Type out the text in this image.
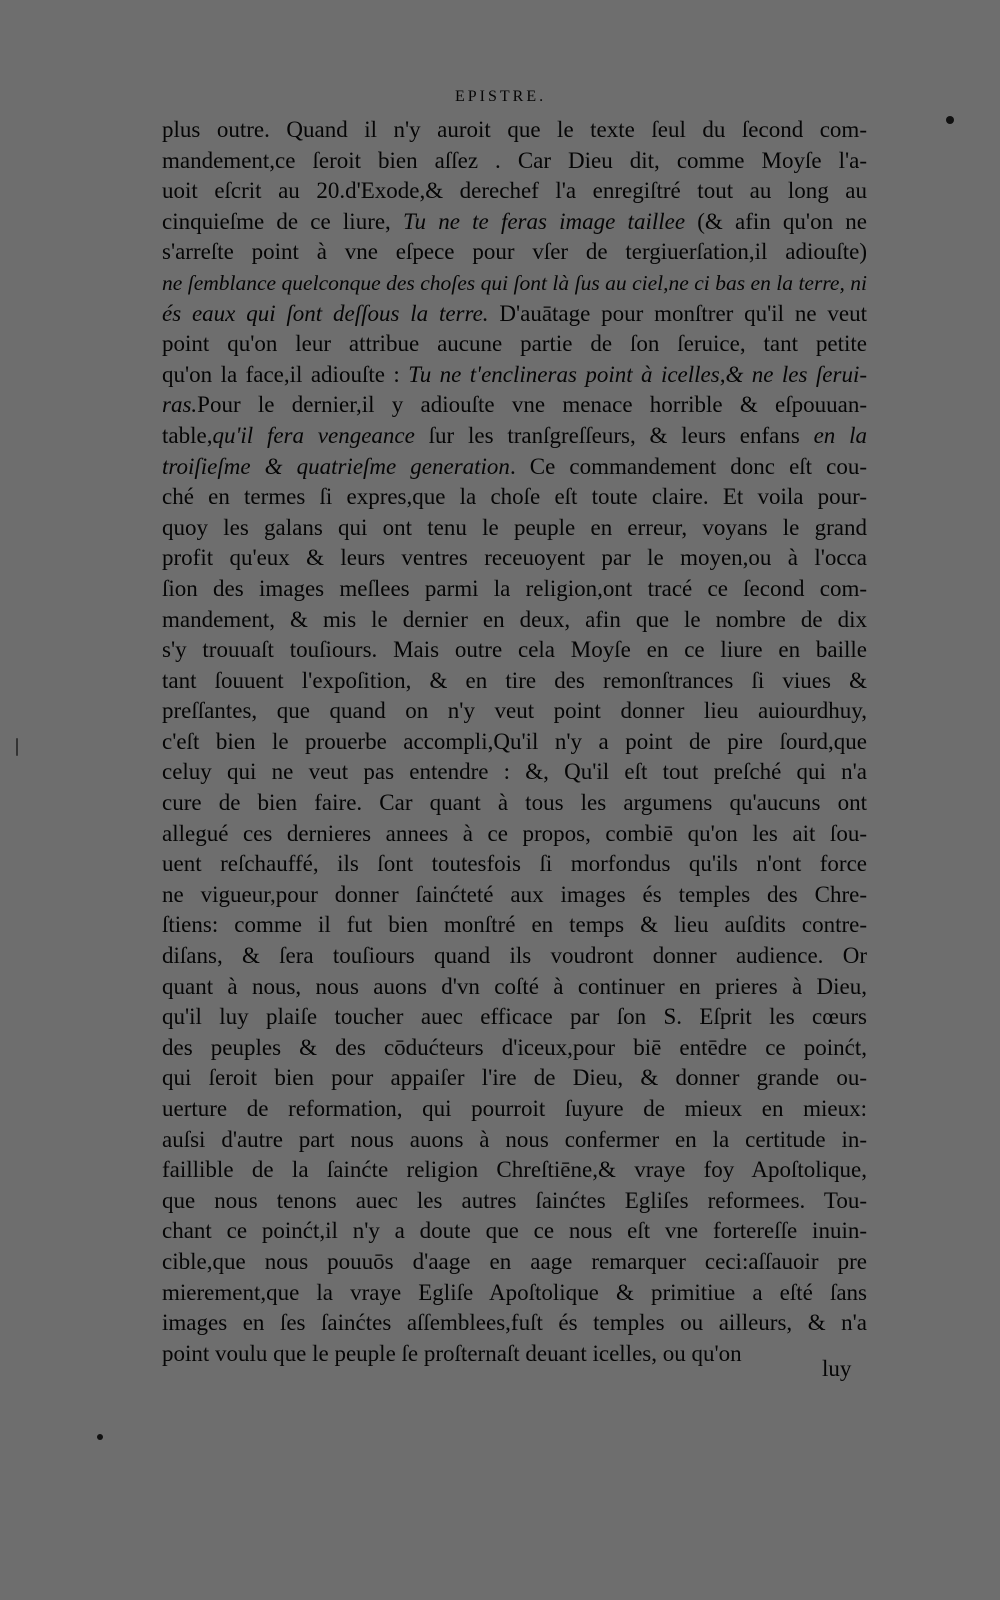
EPISTRE.
plus outre. Quand il n'y auroit que le texte ſeul du ſecond com-
mandement,ce ſeroit bien aſſez . Car Dieu dit, comme Moyſe l'a-
uoit eſcrit au 20.d'Exode,& derechef l'a enregiſtré tout au long au
cinquieſme de ce liure, Tu ne te feras image taillee (& afin qu'on ne
s'arreſte point à vne eſpece pour vſer de tergiuerſation,il adiouſte)
ne ſemblance quelconque des choſes qui ſont là ſus au ciel,ne ci bas en la terre, ni
és eaux qui ſont deſſous la terre. D'auātage pour monſtrer qu'il ne veut
point qu'on leur attribue aucune partie de ſon ſeruice, tant petite
qu'on la face,il adiouſte : Tu ne t'enclineras point à icelles,& ne les ſerui-
ras.Pour le dernier,il y adiouſte vne menace horrible & eſpouuan-
table,qu'il fera vengeance ſur les tranſgreſſeurs, & leurs enfans en la
troiſieſme & quatrieſme generation. Ce commandement donc eſt cou-
ché en termes ſi expres,que la choſe eſt toute claire. Et voila pour-
quoy les galans qui ont tenu le peuple en erreur, voyans le grand
profit qu'eux & leurs ventres receuoyent par le moyen,ou à l'occa
ſion des images meſlees parmi la religion,ont tracé ce ſecond com-
mandement, & mis le dernier en deux, afin que le nombre de dix
s'y trouuaſt touſiours. Mais outre cela Moyſe en ce liure en baille
tant ſouuent l'expoſition, & en tire des remonſtrances ſi viues &
preſſantes, que quand on n'y veut point donner lieu auiourdhuy,
c'eſt bien le prouerbe accompli,Qu'il n'y a point de pire ſourd,que
celuy qui ne veut pas entendre : &, Qu'il eſt tout preſché qui n'a
cure de bien faire. Car quant à tous les argumens qu'aucuns ont
allegué ces dernieres annees à ce propos, combiē qu'on les ait ſou-
uent reſchauffé, ils ſont toutesfois ſi morfondus qu'ils n'ont force
ne vigueur,pour donner ſainćteté aux images és temples des Chre-
ſtiens: comme il fut bien monſtré en temps & lieu auſdits contre-
diſans, & ſera touſiours quand ils voudront donner audience. Or
quant à nous, nous auons d'vn coſté à continuer en prieres à Dieu,
qu'il luy plaiſe toucher auec efficace par ſon S. Eſprit les cœurs
des peuples & des cōdućteurs d'iceux,pour biē entēdre ce poinćt,
qui ſeroit bien pour appaiſer l'ire de Dieu, & donner grande ou-
uerture de reformation, qui pourroit ſuyure de mieux en mieux:
auſsi d'autre part nous auons à nous confermer en la certitude in-
faillible de la ſainćte religion Chreſtiēne,& vraye foy Apoſtolique,
que nous tenons auec les autres ſainćtes Egliſes reformees. Tou-
chant ce poinćt,il n'y a doute que ce nous eſt vne fortereſſe inuin-
cible,que nous pouuōs d'aage en aage remarquer ceci:aſſauoir pre
mierement,que la vraye Egliſe Apoſtolique & primitiue a eſté ſans
images en ſes ſainćtes aſſemblees,fuſt és temples ou ailleurs, & n'a
point voulu que le peuple ſe proſternaſt deuant icelles, ou qu'on
luy
